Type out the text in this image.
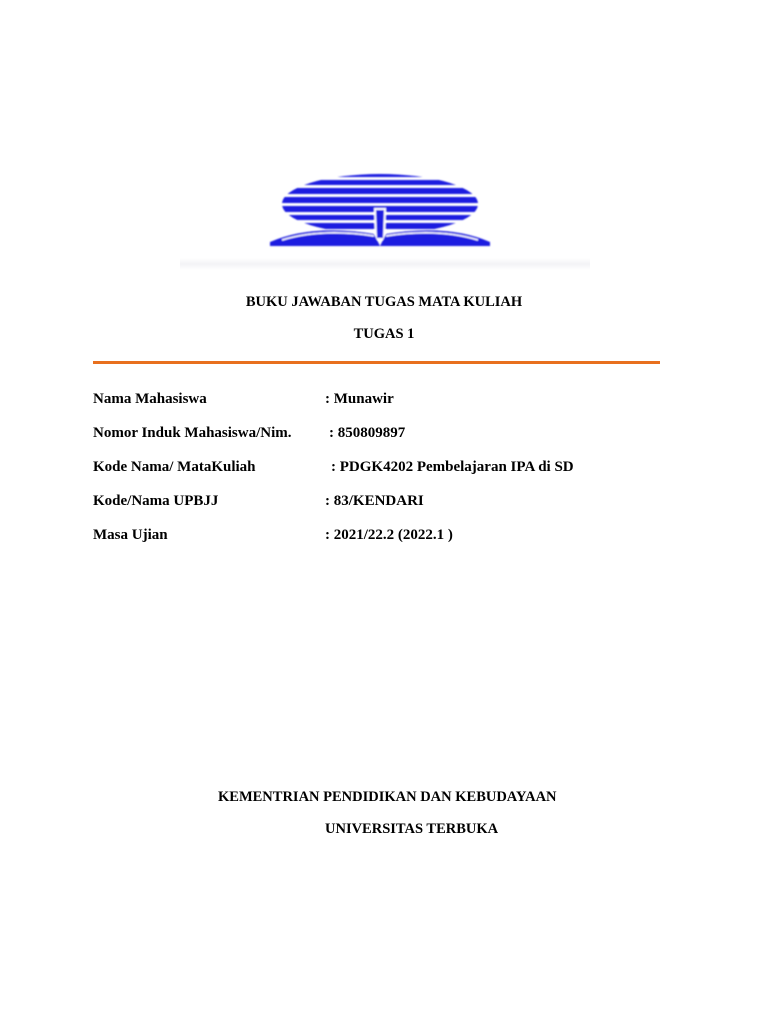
BUKU JAWABAN TUGAS MATA KULIAH
TUGAS 1
Nama Mahasiswa	: Munawir
Nomor Induk Mahasiswa/Nim. : 850809897
Kode Nama/ MataKuliah	: PDGK4202 Pembelajaran IPA di SD
Kode/Nama UPBJJ	: 83/KENDARI
Masa Ujian	: 2021/22.2 (2022.1 )
KEMENTRIAN PENDIDIKAN DAN KEBUDAYAAN
UNIVERSITAS TERBUKA
